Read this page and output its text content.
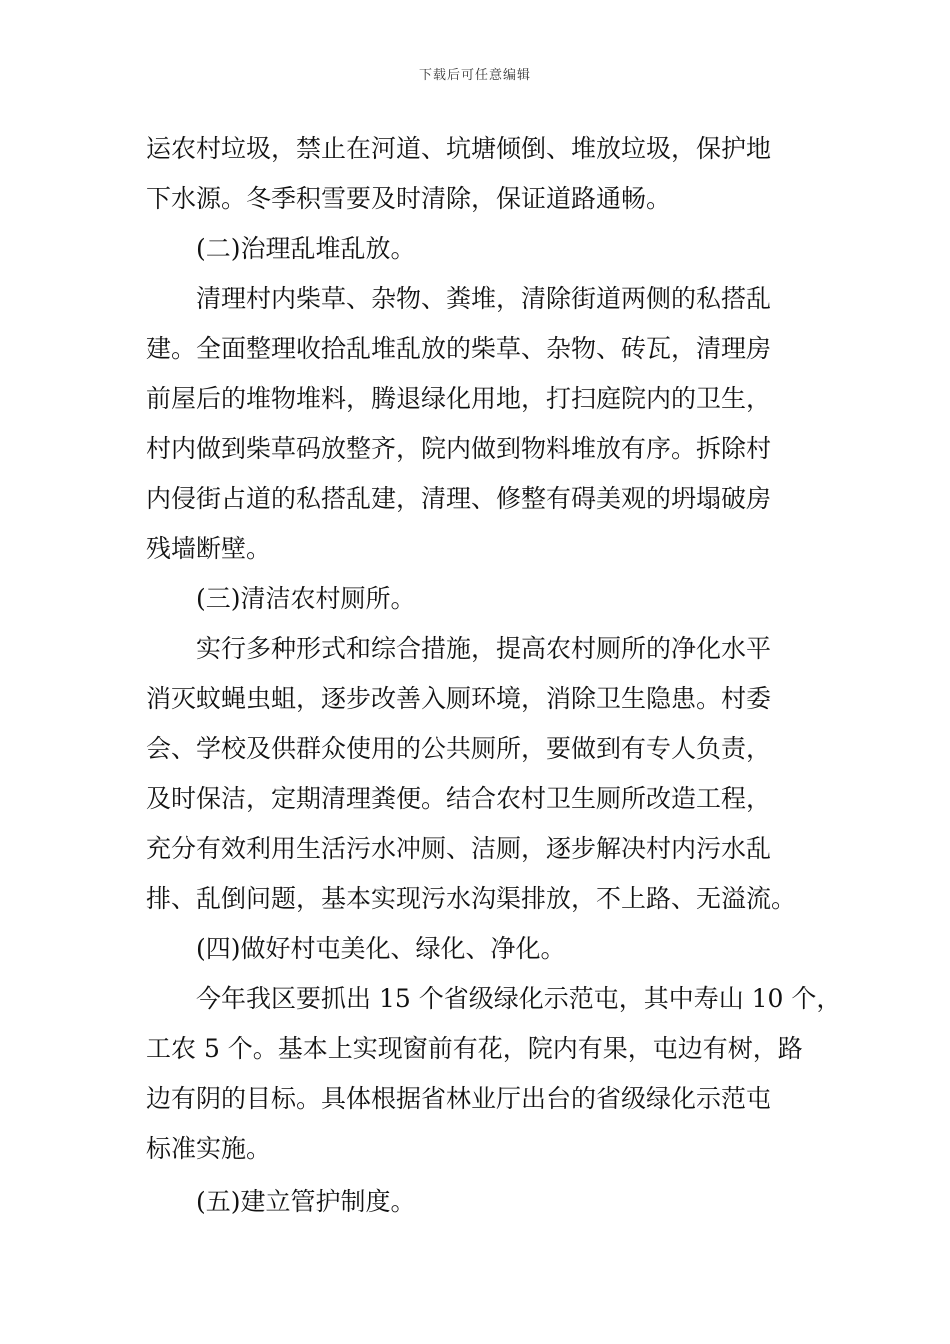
下载后可任意编辑
运农村垃圾，禁止在河道、坑塘倾倒、堆放垃圾，保护地
下水源。冬季积雪要及时清除，保证道路通畅。
(二)治理乱堆乱放。
清理村内柴草、杂物、粪堆，清除街道两侧的私搭乱
建。全面整理收拾乱堆乱放的柴草、杂物、砖瓦，清理房
前屋后的堆物堆料，腾退绿化用地，打扫庭院内的卫生，
村内做到柴草码放整齐，院内做到物料堆放有序。拆除村
内侵街占道的私搭乱建，清理、修整有碍美观的坍塌破房
残墙断壁。
(三)清洁农村厕所。
实行多种形式和综合措施，提高农村厕所的净化水平
消灭蚊蝇虫蛆，逐步改善入厕环境，消除卫生隐患。村委
会、学校及供群众使用的公共厕所，要做到有专人负责，
及时保洁，定期清理粪便。结合农村卫生厕所改造工程，
充分有效利用生活污水冲厕、洁厕，逐步解决村内污水乱
排、乱倒问题，基本实现污水沟渠排放，不上路、无溢流。
(四)做好村屯美化、绿化、净化。
今年我区要抓出 15 个省级绿化示范屯，其中寿山 10 个，
工农 5 个。基本上实现窗前有花，院内有果，屯边有树，路
边有阴的目标。具体根据省林业厅出台的省级绿化示范屯
标准实施。
(五)建立管护制度。
